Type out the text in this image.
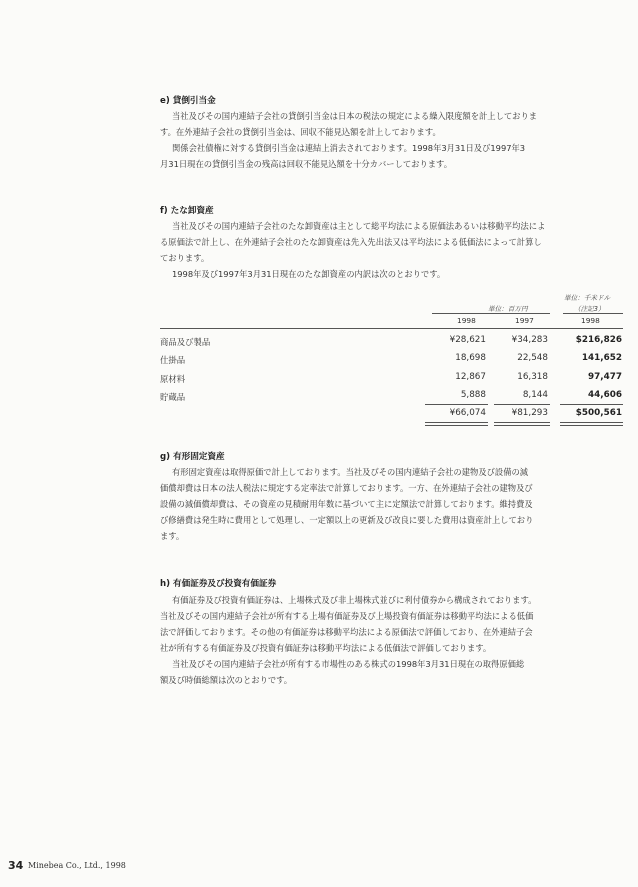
e) 貸倒引当金
当社及びその国内連結子会社の貸倒引当金は日本の税法の規定による繰入限度額を計上しておりま
す。在外連結子会社の貸倒引当金は、回収不能見込額を計上しております。
関係会社債権に対する貸倒引当金は連結上消去されております。1998年3月31日及び1997年3
月31日現在の貸倒引当金の残高は回収不能見込額を十分カバーしております。
f) たな卸資産
当社及びその国内連結子会社のたな卸資産は主として総平均法による原価法あるいは移動平均法によ
る原価法で計上し、在外連結子会社のたな卸資産は先入先出法又は平均法による低価法によって計算し
ております。
1998年及び1997年3月31日現在のたな卸資産の内訳は次のとおりです。
単位：千米ドル
（注記3）
単位：百万円
1998	1997	1998
商品及び製品	¥28,621	¥34,283	$216,826
仕掛品	18,698	22,548	141,652
原材料	12,867	16,318	97,477
貯蔵品	5,888	8,144	44,606
¥66,074	¥81,293	$500,561
g) 有形固定資産
有形固定資産は取得原価で計上しております。当社及びその国内連結子会社の建物及び設備の減
価償却費は日本の法人税法に規定する定率法で計算しております。一方、在外連結子会社の建物及び
設備の減価償却費は、その資産の見積耐用年数に基づいて主に定額法で計算しております。維持費及
び修繕費は発生時に費用として処理し、一定額以上の更新及び改良に要した費用は資産計上しており
ます。
h) 有価証券及び投資有価証券
有価証券及び投資有価証券は、上場株式及び非上場株式並びに利付債券から構成されております。
当社及びその国内連結子会社が所有する上場有価証券及び上場投資有価証券は移動平均法による低価
法で評価しております。その他の有価証券は移動平均法による原価法で評価しており、在外連結子会
社が所有する有価証券及び投資有価証券は移動平均法による低価法で評価しております。
当社及びその国内連結子会社が所有する市場性のある株式の1998年3月31日現在の取得原価総
額及び時価総額は次のとおりです。
34 Minebea Co., Ltd., 1998
